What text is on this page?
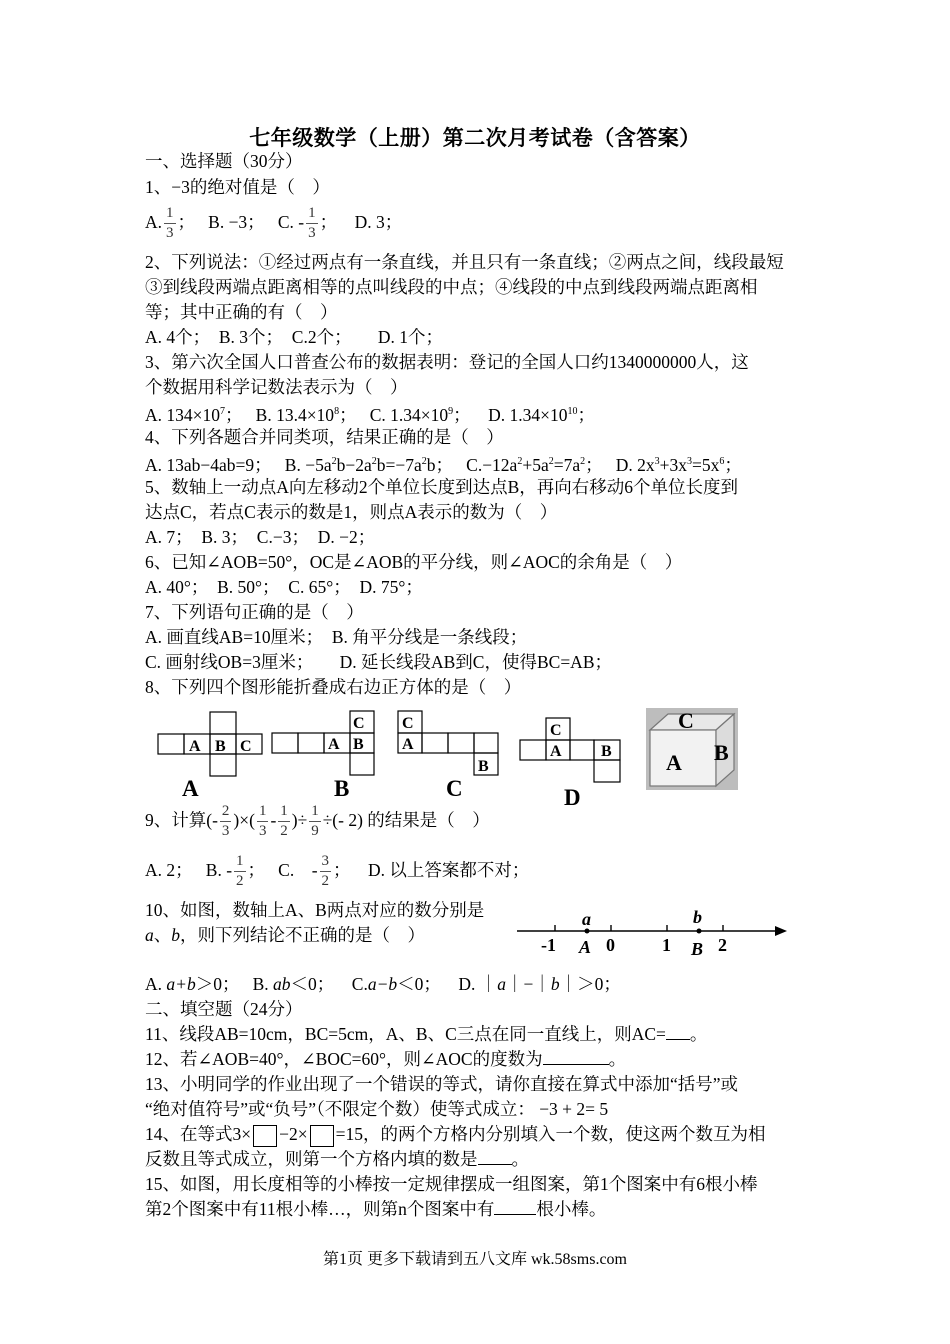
七年级数学（上册）第二次月考试卷（含答案）
一、选择题（30分）
1、−3的绝对值是（　）
A. $\frac{1}{3}$ ； B. −3； C. - $\frac{1}{3}$ ； D. 3；
2、下列说法：①经过两点有一条直线，并且只有一条直线；②两点之间，线段最短
③到线段两端点距离相等的点叫线段的中点；④线段的中点到线段两端点距离相
等；其中正确的有（　）
A. 4个；　B. 3个；　C.2个；　　D. 1个；
3、第六次全国人口普查公布的数据表明：登记的全国人口约1340000000人，这
个数据用科学记数法表示为（　）
A. $134\times 10^7$； B. $13.4\times 10^8$； C. $1.34\times 10^9$； D. $1.34\times 10^{10}$；
4、下列各题合并同类项，结果正确的是（　）
A. 13ab−4ab=9； B. $-5a^2b-2a^2b=-7a^2b$； $C.-12a^2+5a^2=7a^2$； D. $2x^3+3x^3=5x^6$；
5、数轴上一动点A向左移动2个单位长度到达点B，再向右移动6个单位长度到
达点C，若点C表示的数是1，则点A表示的数为（　）
A. 7；　B. 3；　C.−3；　D. −2；
6、已知∠AOB=50°，OC是∠AOB的平分线，则∠AOC的余角是（　）
A. 40°；　B. 50°；　C. 65°；　D. 75°；
7、下列语句正确的是（　）
A. 画直线AB=10厘米；　B. 角平分线是一条线段；
C. 画射线OB=3厘米；　　D. 延长线段AB到C，使得BC=AB；
8、下列四个图形能折叠成右边正方体的是（　）
A B C	A B
C C
A
B
C
A B
A	B	C	D
C
A B
9、计算(- $\frac{2}{3}$ )×( $\frac{1}{3} - \frac{1}{2}$ )÷ $\frac{1}{9}$ ÷(- 2) 的结果是（　）
A. 2； B. - $\frac{1}{2}$ ； C.　- $\frac{3}{2}$ ； D. 以上答案都不对；
10、如图，数轴上A、B两点对应的数分别是
a、b，则下列结论不正确的是（　）
a	b
-1	0	1	2
A	B
A. a+b＞0； B. ab＜0； C.a−b＜0； D. ｜a｜−｜b｜＞0；
二、填空题（24分）
11、线段AB=10cm，BC=5cm，A、B、C三点在同一直线上，则AC= 。
12、若∠AOB=40°，∠BOC=60°，则∠AOC的度数为	。
13、小明同学的作业出现了一个错误的等式，请你直接在算式中添加“括号”或
“绝对值符号”或“负号”（不限定个数）使等式成立： −3 + 2= 5
14、在等式3× −2× =15，的两个方格内分别填入一个数，使这两个数互为相
反数且等式成立，则第一个方格内填的数是 。
15、如图，用长度相等的小棒按一定规律摆成一组图案，第1个图案中有6根小棒
第2个图案中有11根小棒…，则第n个图案中有 根小棒。
第1页 更多下载请到五八文库 wk.58sms.com
